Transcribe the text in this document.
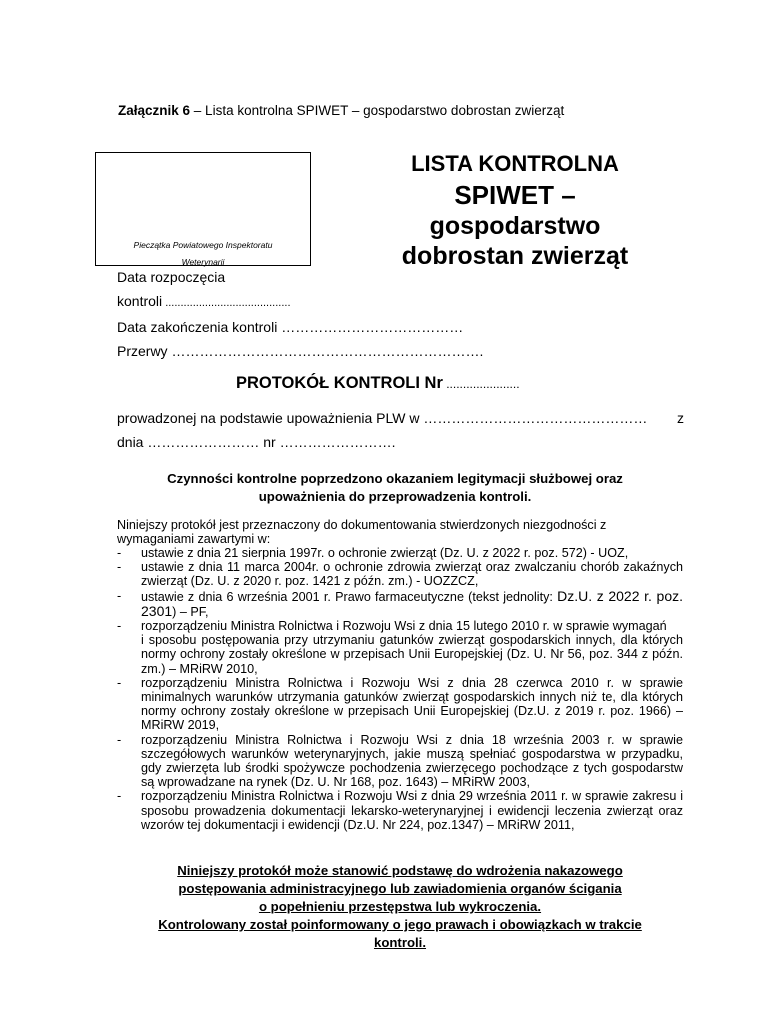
Załącznik 6 – Lista kontrolna SPIWET – gospodarstwo dobrostan zwierząt
Pieczątka Powiatowego Inspektoratu
Weterynarii
LISTA KONTROLNA
SPIWET –
gospodarstwo
dobrostan zwierząt
Data rozpoczęcia
kontroli .........................................
Data zakończenia kontroli …………………………………
Przerwy ………………………………………………………….
PROTOKÓŁ KONTROLI Nr ......................
prowadzonej na podstawie upoważnienia PLW w ………………………………………… z
dnia …………………… nr …………………….
Czynności kontrolne poprzedzono okazaniem legitymacji służbowej oraz
upoważnienia do przeprowadzenia kontroli.
Niniejszy protokół jest przeznaczony do dokumentowania stwierdzonych niezgodności z wymaganiami zawartymi w:
- ustawie z dnia 21 sierpnia 1997r. o ochronie zwierząt (Dz. U. z 2022 r. poz. 572) - UOZ,
- ustawie z dnia 11 marca 2004r. o ochronie zdrowia zwierząt oraz zwalczaniu chorób zakaźnych zwierząt (Dz. U. z 2020 r. poz. 1421 z późn. zm.) - UOZZCZ,
- ustawie z dnia 6 września 2001 r. Prawo farmaceutyczne (tekst jednolity: Dz.U. z 2022 r. poz. 2301) – PF,
- rozporządzeniu Ministra Rolnictwa i Rozwoju Wsi z dnia 15 lutego 2010 r. w sprawie wymagań
i sposobu postępowania przy utrzymaniu gatunków zwierząt gospodarskich innych, dla których normy ochrony zostały określone w przepisach Unii Europejskiej (Dz. U. Nr 56, poz. 344 z późn. zm.) – MRiRW 2010,
- rozporządzeniu Ministra Rolnictwa i Rozwoju Wsi z dnia 28 czerwca 2010 r. w sprawie minimalnych warunków utrzymania gatunków zwierząt gospodarskich innych niż te, dla których normy ochrony zostały określone w przepisach Unii Europejskiej (Dz.U. z 2019 r. poz. 1966) – MRiRW 2019,
- rozporządzeniu Ministra Rolnictwa i Rozwoju Wsi z dnia 18 września 2003 r. w sprawie szczegółowych warunków weterynaryjnych, jakie muszą spełniać gospodarstwa w przypadku, gdy zwierzęta lub środki spożywcze pochodzenia zwierzęcego pochodzące z tych gospodarstw są wprowadzane na rynek (Dz. U. Nr 168, poz. 1643) – MRiRW 2003,
- rozporządzeniu Ministra Rolnictwa i Rozwoju Wsi z dnia 29 września 2011 r. w sprawie zakresu i sposobu prowadzenia dokumentacji lekarsko-weterynaryjnej i ewidencji leczenia zwierząt oraz wzorów tej dokumentacji i ewidencji (Dz.U. Nr 224, poz.1347) – MRiRW 2011,
Niniejszy protokół może stanowić podstawę do wdrożenia nakazowego
postępowania administracyjnego lub zawiadomienia organów ścigania
o popełnieniu przestępstwa lub wykroczenia.
Kontrolowany został poinformowany o jego prawach i obowiązkach w trakcie
kontroli.
